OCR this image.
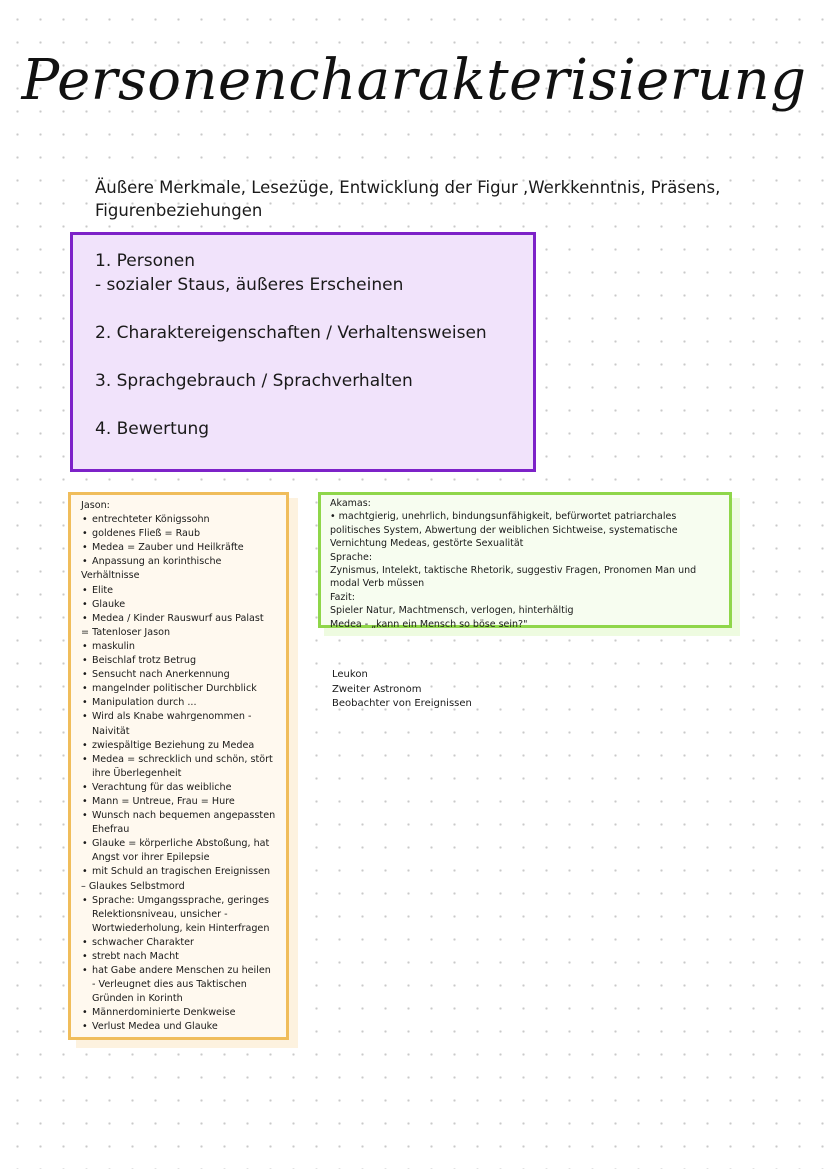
Personencharakterisierung
Äußere Merkmale, Lesezüge, Entwicklung der Figur ,Werkkenntnis, Präsens, Figurenbeziehungen
1. Personen
- sozialer Staus, äußeres Erscheinen
2. Charaktereigenschaften / Verhaltensweisen
3. Sprachgebrauch / Sprachverhalten
4. Bewertung
Jason:
• entrechteter Königssohn
• goldenes Fließ = Raub
• Medea = Zauber und Heilkräfte
• Anpassung an korinthische
Verhältnisse
• Elite
• Glauke
• Medea / Kinder Rauswurf aus Palast
= Tatenloser Jason
• maskulin
• Beischlaf trotz Betrug
• Sensucht nach Anerkennung
• mangelnder politischer Durchblick
• Manipulation durch ...
• Wird als Knabe wahrgenommen - Naivität
• zwiespältige Beziehung zu Medea
• Medea = schrecklich und schön, stört ihre Überlegenheit
• Verachtung für das weibliche
• Mann = Untreue, Frau = Hure
• Wunsch nach bequemen angepassten Ehefrau
• Glauke = körperliche Abstoßung, hat Angst vor ihrer Epilepsie
• mit Schuld an tragischen Ereignissen
– Glaukes Selbstmord
• Sprache: Umgangssprache, geringes Relektionsniveau, unsicher - Wortwiederholung, kein Hinterfragen
• schwacher Charakter
• strebt nach Macht
• hat Gabe andere Menschen zu heilen - Verleugnet dies aus Taktischen Gründen in Korinth
• Männerdominierte Denkweise
• Verlust Medea und Glauke
Akamas:
• machtgierig, unehrlich, bindungsunfähigkeit, befürwortet patriarchales politisches System, Abwertung der weiblichen Sichtweise, systematische Vernichtung Medeas, gestörte Sexualität
Sprache:
Zynismus, Intelekt, taktische Rhetorik, suggestiv Fragen, Pronomen Man und modal Verb müssen
Fazit:
Spieler Natur, Machtmensch, verlogen, hinterhältig
Medea - „kann ein Mensch so böse sein?"
Leukon
Zweiter Astronom
Beobachter von Ereignissen
